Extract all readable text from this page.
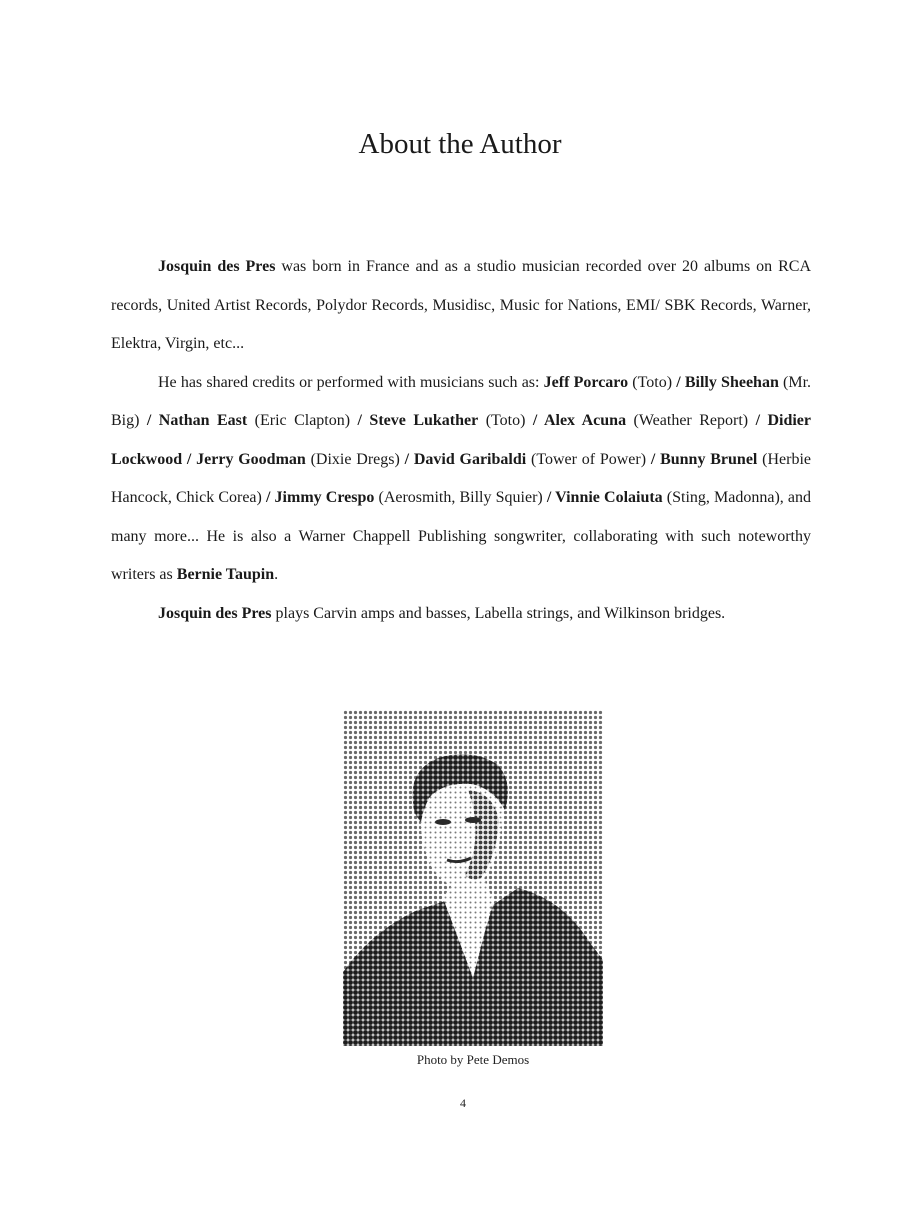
About the Author

Josquin des Pres was born in France and as a studio musician recorded over 20 albums on RCA records, United Artist Records, Polydor Records, Musidisc, Music for Nations, EMI/ SBK Records, Warner, Elektra, Virgin, etc...

He has shared credits or performed with musicians such as: Jeff Porcaro (Toto) / Billy Sheehan (Mr. Big) / Nathan East (Eric Clapton) / Steve Lukather (Toto) / Alex Acuna (Weather Report) / Didier Lockwood / Jerry Goodman (Dixie Dregs) / David Garibaldi (Tower of Power) / Bunny Brunel (Herbie Hancock, Chick Corea) / Jimmy Crespo (Aerosmith, Billy Squier) / Vinnie Colaiuta (Sting, Madonna), and many more... He is also a Warner Chappell Publishing songwriter, collaborating with such noteworthy writers as Bernie Taupin.

Josquin des Pres plays Carvin amps and basses, Labella strings, and Wilkinson bridges.

Photo by Pete Demos
4
